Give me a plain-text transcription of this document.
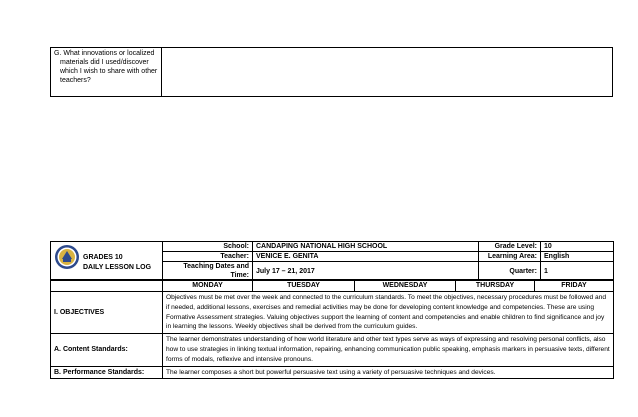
G. What innovations or localized materials did I used/discover which I wish to share with other teachers?

GRADES 10
DAILY LESSON LOG	School:	CANDAPING NATIONAL HIGH SCHOOL	Grade Level:	10
	Teacher:	VENICE E. GENITA	Learning Area:	English
	Teaching Dates and Time:	July 17 – 21, 2017	Quarter:	1
	MONDAY	TUESDAY	WEDNESDAY	THURSDAY	FRIDAY
I. OBJECTIVES	Objectives must be met over the week and connected to the curriculum standards. To meet the objectives, necessary procedures must be followed and if needed, additional lessons, exercises and remedial activities may be done for developing content knowledge and competencies. These are using Formative Assessment strategies. Valuing objectives support the learning of content and competencies and enable children to find significance and joy in learning the lessons. Weekly objectives shall be derived from the curriculum guides.				
A. Content Standards:	The learner demonstrates understanding of how world literature and other text types serve as ways of expressing and resolving personal conflicts, also how to use strategies in linking textual information, repairing, enhancing communication public speaking, emphasis markers in persuasive texts, different forms of modals, reflexive and intensive pronouns.				
B. Performance Standards:	The learner composes a short but powerful persuasive text using a variety of persuasive techniques and devices.				
